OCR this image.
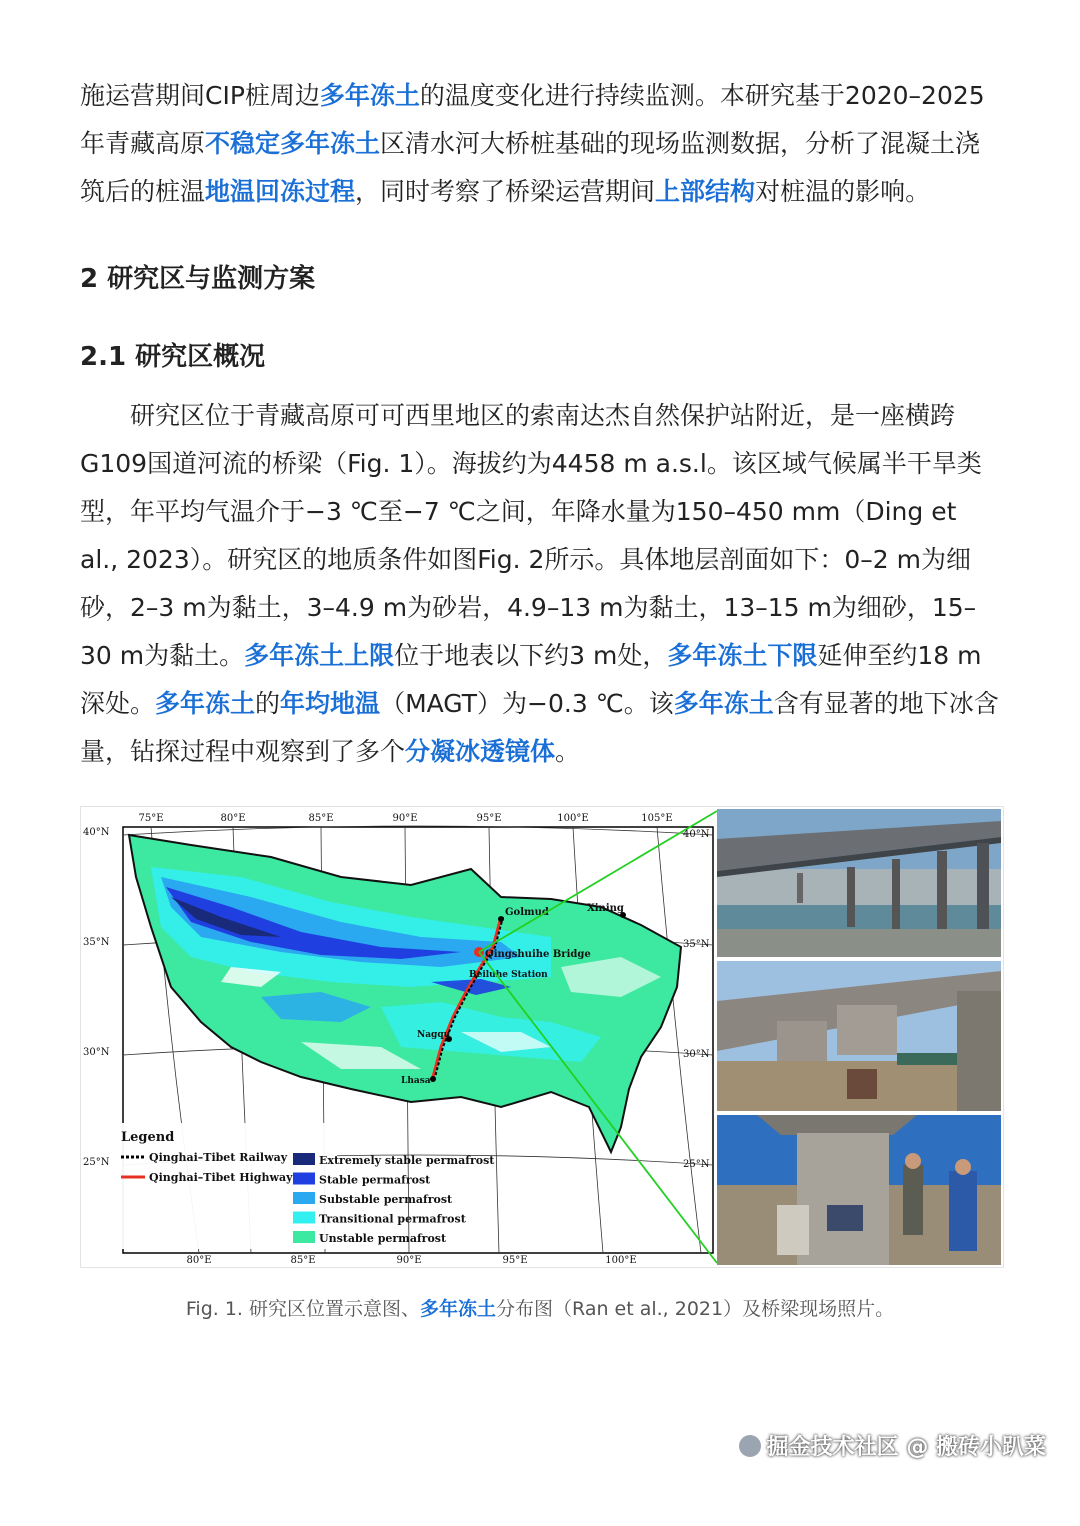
施运营期间CIP桩周边多年冻土的温度变化进行持续监测。本研究基于2020–2025年青藏高原不稳定多年冻土区清水河大桥桩基础的现场监测数据，分析了混凝土浇筑后的桩温地温回冻过程，同时考察了桥梁运营期间上部结构对桩温的影响。

2 研究区与监测方案
2.1 研究区概况

研究区位于青藏高原可可西里地区的索南达杰自然保护站附近，是一座横跨G109国道河流的桥梁（Fig. 1）。海拔约为4458 m a.s.l。该区域气候属半干旱类型，年平均气温介于−3 ℃至−7 ℃之间，年降水量为150–450 mm（Ding et al., 2023）。研究区的地质条件如图Fig. 2所示。具体地层剖面如下：0–2 m为细砂，2–3 m为黏土，3–4.9 m为砂岩，4.9–13 m为黏土，13–15 m为细砂，15–30 m为黏土。多年冻土上限位于地表以下约3 m处，多年冻土下限延伸至约18 m深处。多年冻土的年均地温（MAGT）为−0.3 ℃。该多年冻土含有显著的地下冰含量，钻探过程中观察到了多个分凝冰透镜体。

Golmud	Xining
Qingshuihe Bridge
Beiluhe Station
Nagqu
Lhasa
75°E	80°E	85°E	90°E	95°E	100°E	105°E
80°E	85°E	90°E	95°E	100°E
40°N
35°N
30°N
25°N
40°N
35°N
30°N
25°N
Legend
Qinghai–Tibet Railway
Qinghai–Tibet Highway
Extremely stable permafrost
Stable permafrost
Substable permafrost
Transitional permafrost
Unstable permafrost
Fig. 1. 研究区位置示意图、多年冻土分布图（Ran et al., 2021）及桥梁现场照片。
掘金技术社区 @ 搬砖小趴菜
